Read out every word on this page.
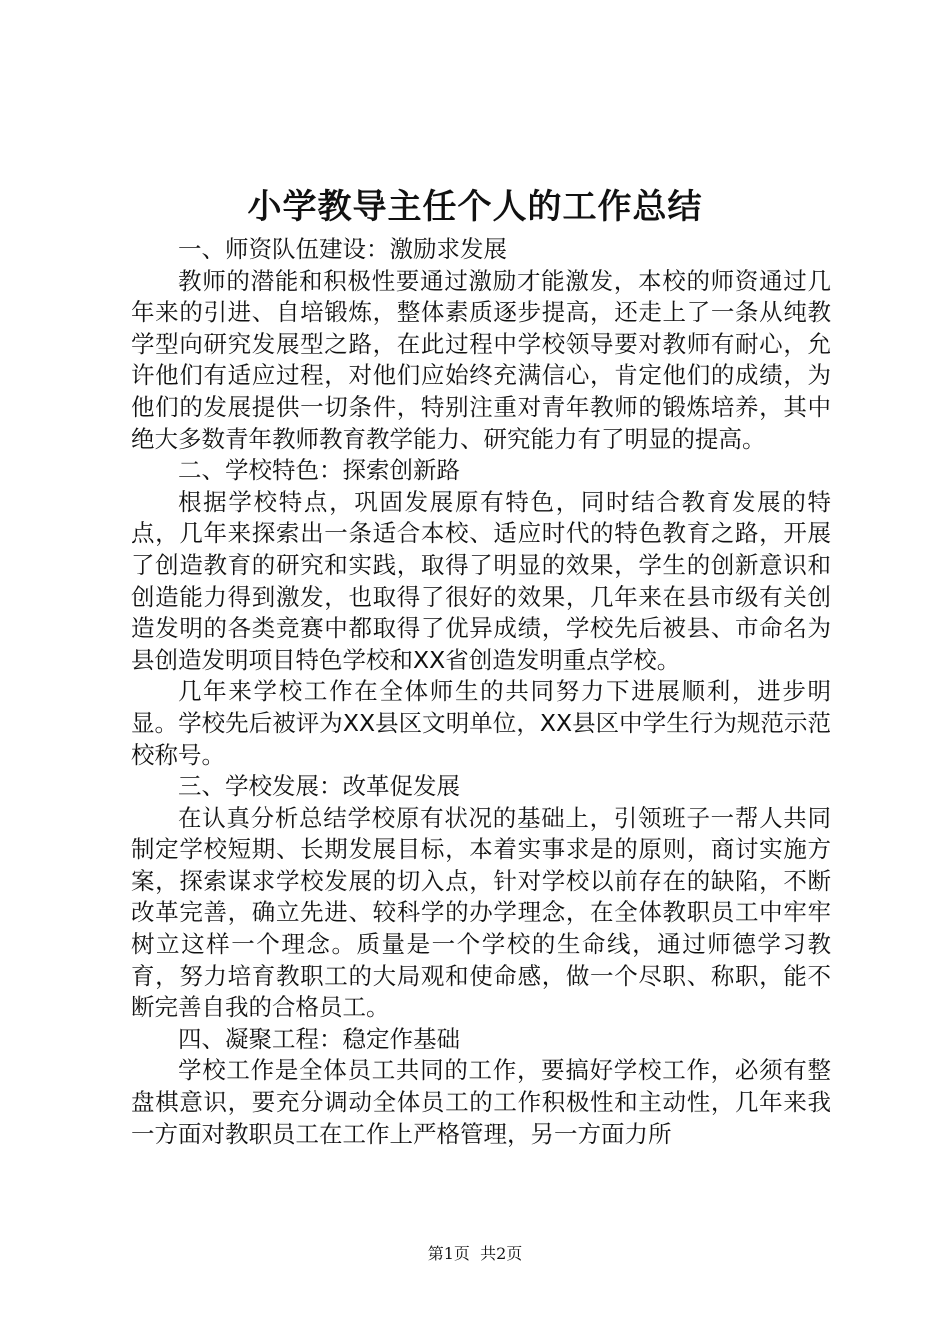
小学教导主任个人的工作总结

一、师资队伍建设：激励求发展

教师的潜能和积极性要通过激励才能激发，本校的师资通过几年来的引进、自培锻炼，整体素质逐步提高，还走上了一条从纯教学型向研究发展型之路，在此过程中学校领导要对教师有耐心，允许他们有适应过程，对他们应始终充满信心，肯定他们的成绩，为他们的发展提供一切条件，特别注重对青年教师的锻炼培养，其中绝大多数青年教师教育教学能力、研究能力有了明显的提高。

二、学校特色：探索创新路

根据学校特点，巩固发展原有特色，同时结合教育发展的特点，几年来探索出一条适合本校、适应时代的特色教育之路，开展了创造教育的研究和实践，取得了明显的效果，学生的创新意识和创造能力得到激发，也取得了很好的效果，几年来在县市级有关创造发明的各类竞赛中都取得了优异成绩，学校先后被县、市命名为县创造发明项目特色学校和XX省创造发明重点学校。

几年来学校工作在全体师生的共同努力下进展顺利，进步明显。学校先后被评为XX县区文明单位，XX县区中学生行为规范示范校称号。

三、学校发展：改革促发展

在认真分析总结学校原有状况的基础上，引领班子一帮人共同制定学校短期、长期发展目标，本着实事求是的原则，商讨实施方案，探索谋求学校发展的切入点，针对学校以前存在的缺陷，不断改革完善，确立先进、较科学的办学理念，在全体教职员工中牢牢树立这样一个理念。质量是一个学校的生命线，通过师德学习教育，努力培育教职工的大局观和使命感，做一个尽职、称职，能不断完善自我的合格员工。

四、凝聚工程：稳定作基础

学校工作是全体员工共同的工作，要搞好学校工作，必须有整盘棋意识，要充分调动全体员工的工作积极性和主动性，几年来我一方面对教职员工在工作上严格管理，另一方面力所

第1页  共2页
